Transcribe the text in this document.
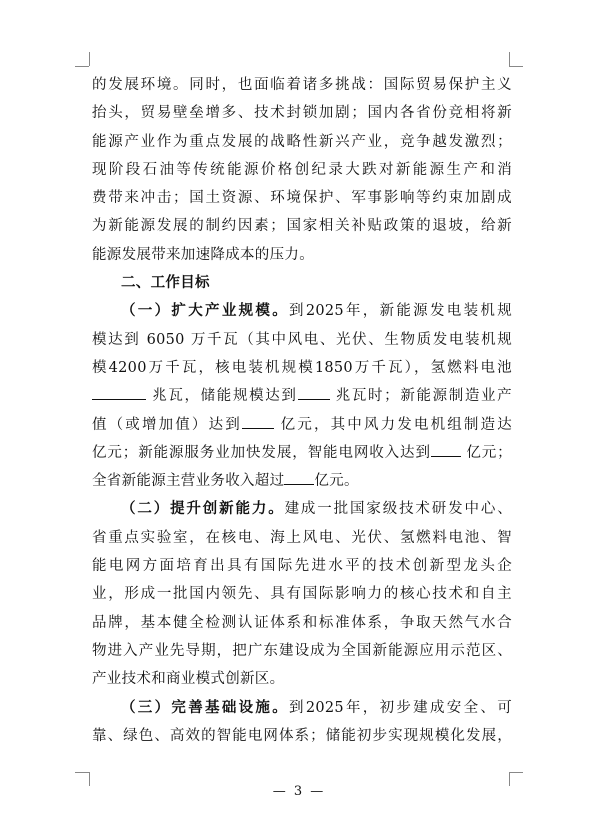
的发展环境。同时，也面临着诸多挑战：国际贸易保护主义
抬头，贸易壁垒增多、技术封锁加剧；国内各省份竞相将新
能源产业作为重点发展的战略性新兴产业，竞争越发激烈；
现阶段石油等传统能源价格创纪录大跌对新能源生产和消
费带来冲击；国土资源、环境保护、军事影响等约束加剧成
为新能源发展的制约因素；国家相关补贴政策的退坡，给新
能源发展带来加速降成本的压力。
二、工作目标
（一）扩大产业规模。到2025年，新能源发电装机规
模达到 6050 万千瓦（其中风电、光伏、生物质发电装机规
模4200万千瓦，核电装机规模1850万千瓦），氢燃料电池
兆瓦，储能规模达到	兆瓦时；新能源制造业产
值（或增加值）达到	亿元，其中风力发电机组制造达
亿元；新能源服务业加快发展，智能电网收入达到 亿元；
全省新能源主营业务收入超过 亿元。
（二）提升创新能力。建成一批国家级技术研发中心、
省重点实验室，在核电、海上风电、光伏、氢燃料电池、智
能电网方面培育出具有国际先进水平的技术创新型龙头企
业，形成一批国内领先、具有国际影响力的核心技术和自主
品牌，基本健全检测认证体系和标准体系，争取天然气水合
物进入产业先导期，把广东建设成为全国新能源应用示范区、
产业技术和商业模式创新区。
（三）完善基础设施。到2025年，初步建成安全、可
靠、绿色、高效的智能电网体系；储能初步实现规模化发展，
— 3 —
